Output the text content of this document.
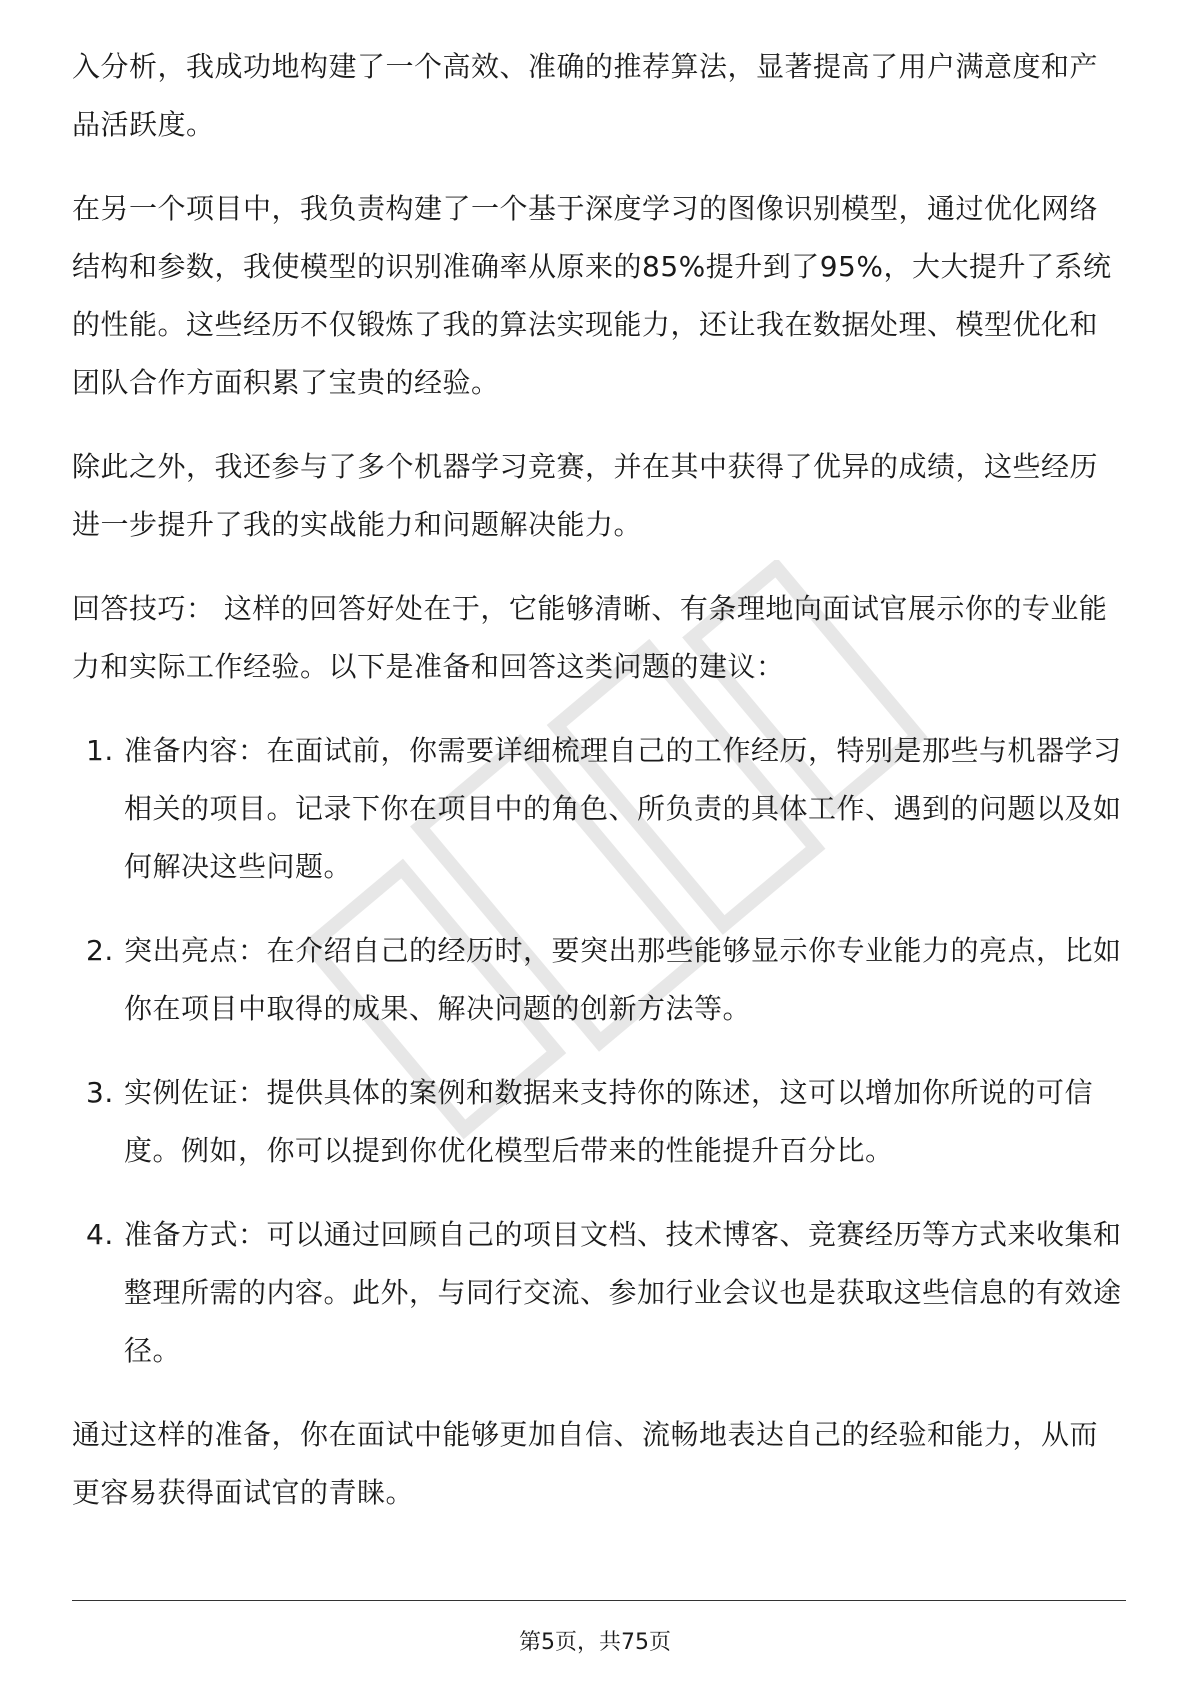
入分析，我成功地构建了一个高效、准确的推荐算法，显著提高了用户满意度和产品活跃度。

在另一个项目中，我负责构建了一个基于深度学习的图像识别模型，通过优化网络结构和参数，我使模型的识别准确率从原来的85%提升到了95%，大大提升了系统的性能。这些经历不仅锻炼了我的算法实现能力，还让我在数据处理、模型优化和团队合作方面积累了宝贵的经验。

除此之外，我还参与了多个机器学习竞赛，并在其中获得了优异的成绩，这些经历进一步提升了我的实战能力和问题解决能力。

回答技巧： 这样的回答好处在于，它能够清晰、有条理地向面试官展示你的专业能力和实际工作经验。以下是准备和回答这类问题的建议：

1. 准备内容：在面试前，你需要详细梳理自己的工作经历，特别是那些与机器学习相关的项目。记录下你在项目中的角色、所负责的具体工作、遇到的问题以及如何解决这些问题。
2. 突出亮点：在介绍自己的经历时，要突出那些能够显示你专业能力的亮点，比如你在项目中取得的成果、解决问题的创新方法等。
3. 实例佐证：提供具体的案例和数据来支持你的陈述，这可以增加你所说的可信度。例如，你可以提到你优化模型后带来的性能提升百分比。
4. 准备方式：可以通过回顾自己的项目文档、技术博客、竞赛经历等方式来收集和整理所需的内容。此外，与同行交流、参加行业会议也是获取这些信息的有效途径。

通过这样的准备，你在面试中能够更加自信、流畅地表达自己的经验和能力，从而更容易获得面试官的青睐。

第5页，共75页
